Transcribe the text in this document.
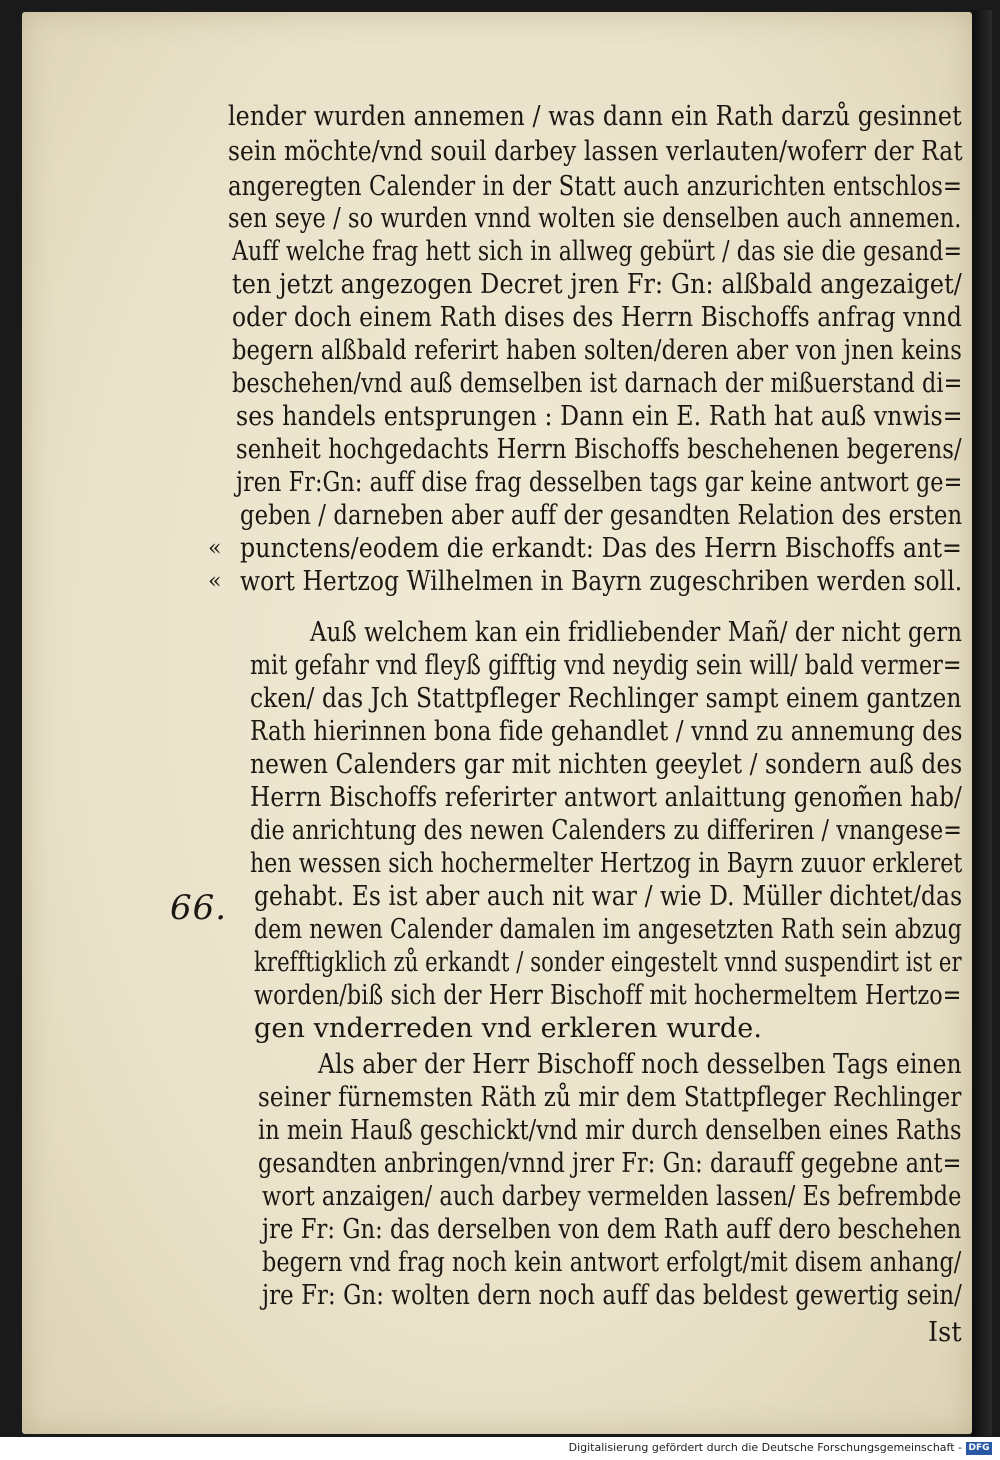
lender wurden annemen / was dann ein Rath darzů gesinnet
sein möchte/vnd souil darbey lassen verlauten/woferr der Rat
angeregten Calender in der Statt auch anzurichten entschlos=
sen seye / so wurden vnnd wolten sie denselben auch annemen.
Auff welche frag hett sich in allweg gebürt / das sie die gesand=
ten jetzt angezogen Decret jren Fr: Gn: alßbald angezaiget/
oder doch einem Rath dises des Herrn Bischoffs anfrag vnnd
begern alßbald referirt haben solten/deren aber von jnen keins
beschehen/vnd auß demselben ist darnach der mißuerstand di=
ses handels entsprungen : Dann ein E. Rath hat auß vnwis=
senheit hochgedachts Herrn Bischoffs beschehenen begerens/
jren Fr:Gn: auff dise frag desselben tags gar keine antwort ge=
geben / darneben aber auff der gesandten Relation des ersten
punctens/eodem die erkandt: Das des Herrn Bischoffs ant=
wort Hertzog Wilhelmen in Bayrn zugeschriben werden soll.
Auß welchem kan ein fridliebender Mañ/ der nicht gern
mit gefahr vnd fleyß gifftig vnd neydig sein will/ bald vermer=
cken/ das Jch Stattpfleger Rechlinger sampt einem gantzen
Rath hierinnen bona fide gehandlet / vnnd zu annemung des
newen Calenders gar mit nichten geeylet / sondern auß des
Herrn Bischoffs referirter antwort anlaittung genom̃en hab/
die anrichtung des newen Calenders zu differiren / vnangese=
hen wessen sich hochermelter Hertzog in Bayrn zuuor erkleret
gehabt. Es ist aber auch nit war / wie D. Müller dichtet/das
dem newen Calender damalen im angesetzten Rath sein abzug
krefftigklich zů erkandt / sonder eingestelt vnnd suspendirt ist er
worden/biß sich der Herr Bischoff mit hochermeltem Hertzo=
gen vnderreden vnd erkleren wurde.
Als aber der Herr Bischoff noch desselben Tags einen
seiner fürnemsten Räth zů mir dem Stattpfleger Rechlinger
in mein Hauß geschickt/vnd mir durch denselben eines Raths
gesandten anbringen/vnnd jrer Fr: Gn: darauff gegebne ant=
wort anzaigen/ auch darbey vermelden lassen/ Es befrembde
jre Fr: Gn: das derselben von dem Rath auff dero beschehen
begern vnd frag noch kein antwort erfolgt/mit disem anhang/
jre Fr: Gn: wolten dern noch auff das beldest gewertig sein/
Ist
«
«
66.
Digitalisierung gefördert durch die Deutsche Forschungsgemeinschaft - DFG
